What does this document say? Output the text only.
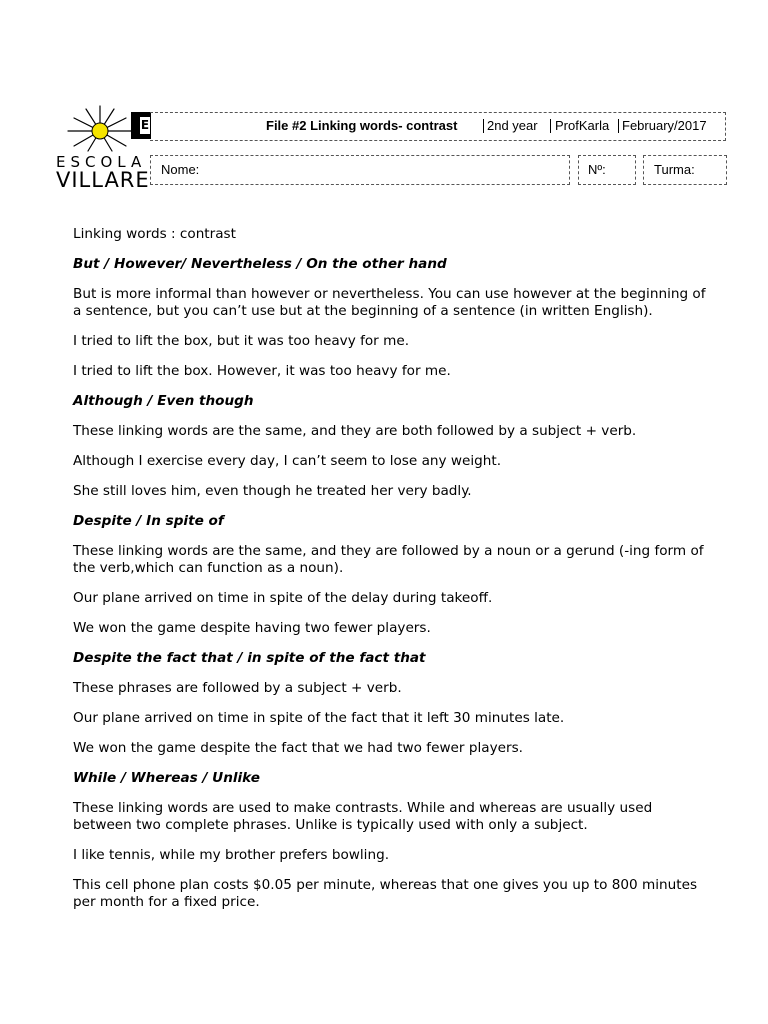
ESCOLA
VILLARE
E	File #2 Linking words- contrast 2nd year ProfKarla February/2017
Nome:	Nº:	Turma:

Linking words : contrast

But / However/ Nevertheless / On the other hand

But is more informal than however or nevertheless. You can use however at the beginning of a sentence, but you can’t use but at the beginning of a sentence (in written English).

I tried to lift the box, but it was too heavy for me.

I tried to lift the box. However, it was too heavy for me.

Although / Even though

These linking words are the same, and they are both followed by a subject + verb.

Although I exercise every day, I can’t seem to lose any weight.

She still loves him, even though he treated her very badly.

Despite / In spite of

These linking words are the same, and they are followed by a noun or a gerund (-ing form of the verb,which can function as a noun).

Our plane arrived on time in spite of the delay during takeoff.

We won the game despite having two fewer players.

Despite the fact that / in spite of the fact that

These phrases are followed by a subject + verb.

Our plane arrived on time in spite of the fact that it left 30 minutes late.

We won the game despite the fact that we had two fewer players.

While / Whereas / Unlike

These linking words are used to make contrasts. While and whereas are usually used between two complete phrases. Unlike is typically used with only a subject.

I like tennis, while my brother prefers bowling.

This cell phone plan costs $0.05 per minute, whereas that one gives you up to 800 minutes per month for a fixed price.
